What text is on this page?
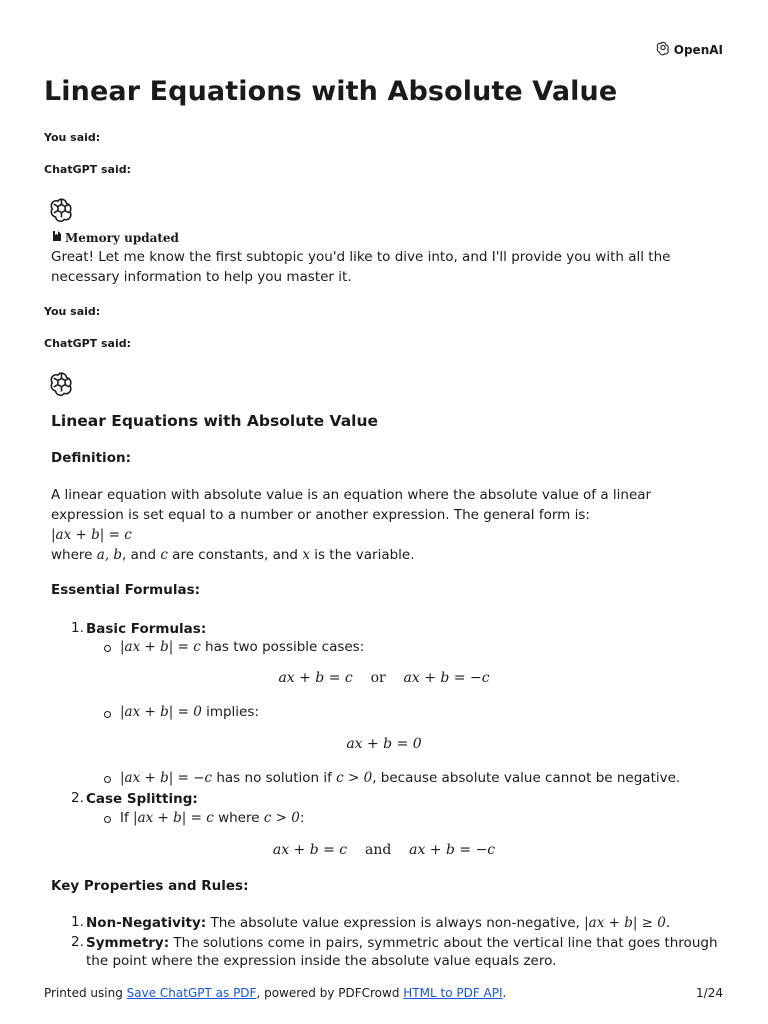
OpenAI
Linear Equations with Absolute Value
You said:
ChatGPT said:
Memory updated
Great! Let me know the first subtopic you'd like to dive into, and I'll provide you with all the necessary information to help you master it.
You said:
ChatGPT said:
Linear Equations with Absolute Value
Definition:
A linear equation with absolute value is an equation where the absolute value of a linear expression is set equal to a number or another expression. The general form is:
|ax + b| = c
where a, b, and c are constants, and x is the variable.
Essential Formulas:
1. Basic Formulas:
|ax + b| = c has two possible cases:
ax + b = c or ax + b = −c
|ax + b| = 0 implies:
ax + b = 0
|ax + b| = −c has no solution if c > 0, because absolute value cannot be negative.
2. Case Splitting:
If |ax + b| = c where c > 0:
ax + b = c and ax + b = −c
Key Properties and Rules:
1. Non-Negativity: The absolute value expression is always non-negative, |ax + b| ≥ 0.
2. Symmetry: The solutions come in pairs, symmetric about the vertical line that goes through the point where the expression inside the absolute value equals zero.
Printed using Save ChatGPT as PDF, powered by PDFCrowd HTML to PDF API.	1/24
